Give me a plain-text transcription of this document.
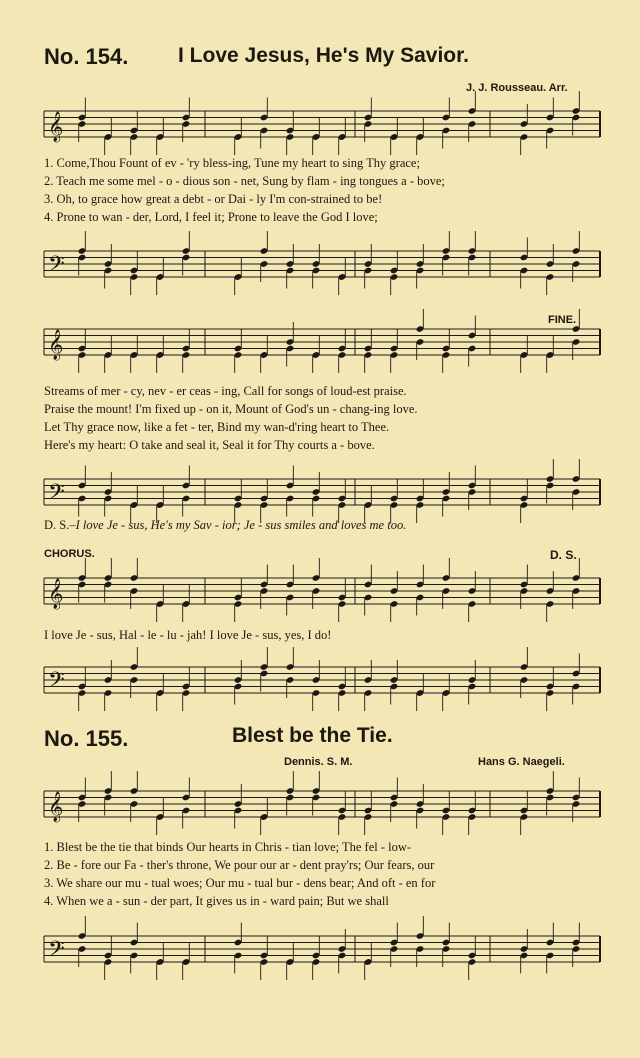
No. 154. I Love Jesus, He's My Savior.
J. J. Rousseau. Arr.
𝄞
1. Come,Thou Fount of ev - 'ry bless-ing, Tune my heart to sing Thy grace;
2. Teach me some mel - o - dious son - net, Sung by flam - ing tongues a - bove;
3. Oh, to grace how great a debt - or Dai - ly I'm con-strained to be!
4. Prone to wan - der, Lord, I feel it; Prone to leave the God I love;
𝄢
FINE.
𝄞
Streams of mer - cy, nev - er ceas - ing, Call for songs of loud-est praise.
Praise the mount! I'm fixed up - on it, Mount of God's un - chang-ing love.
Let Thy grace now, like a fet - ter, Bind my wan-d'ring heart to Thee.
Here's my heart: O take and seal it, Seal it for Thy courts a - bove.
𝄢
D. S.–I love Je - sus, He's my Sav - ior; Je - sus smiles and loves me too.
CHORUS.	D. S.
𝄞
I love Je - sus, Hal - le - lu - jah! I love Je - sus, yes, I do!
𝄢
No. 155.	Blest be the Tie.
Dennis. S. M.	Hans G. Naegeli.
𝄞
1. Blest be the tie that binds Our hearts in Chris - tian love; The fel - low-
2. Be - fore our Fa - ther's throne, We pour our ar - dent pray'rs; Our fears, our
3. We share our mu - tual woes; Our mu - tual bur - dens bear; And oft - en for
4. When we a - sun - der part, It gives us in - ward pain; But we shall
𝄢
